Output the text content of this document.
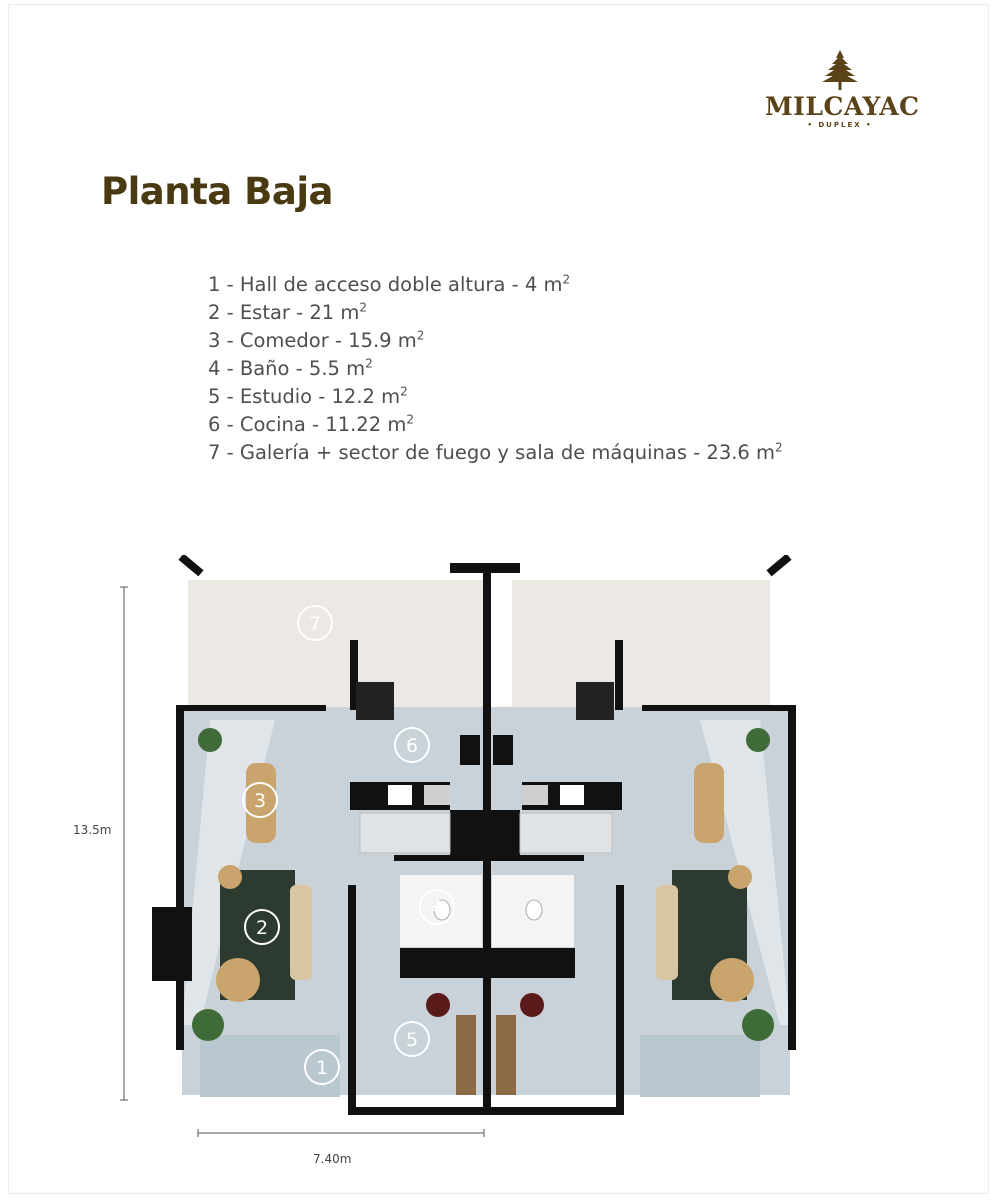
MILCAYAC
• DUPLEX •
Planta Baja
1 - Hall de acceso doble altura - 4 $m^2$
2 - Estar - 21 $m^2$
3 - Comedor - 15.9 $m^2$
4 - Baño - 5.5 $m^2$
5 - Estudio - 12.2 $m^2$
6 - Cocina - 11.22 $m^2$
7 - Galería + sector de fuego y sala de máquinas - 23.6 $m^2$
1
2
3
4
5
6
7
13.5m
7.40m
